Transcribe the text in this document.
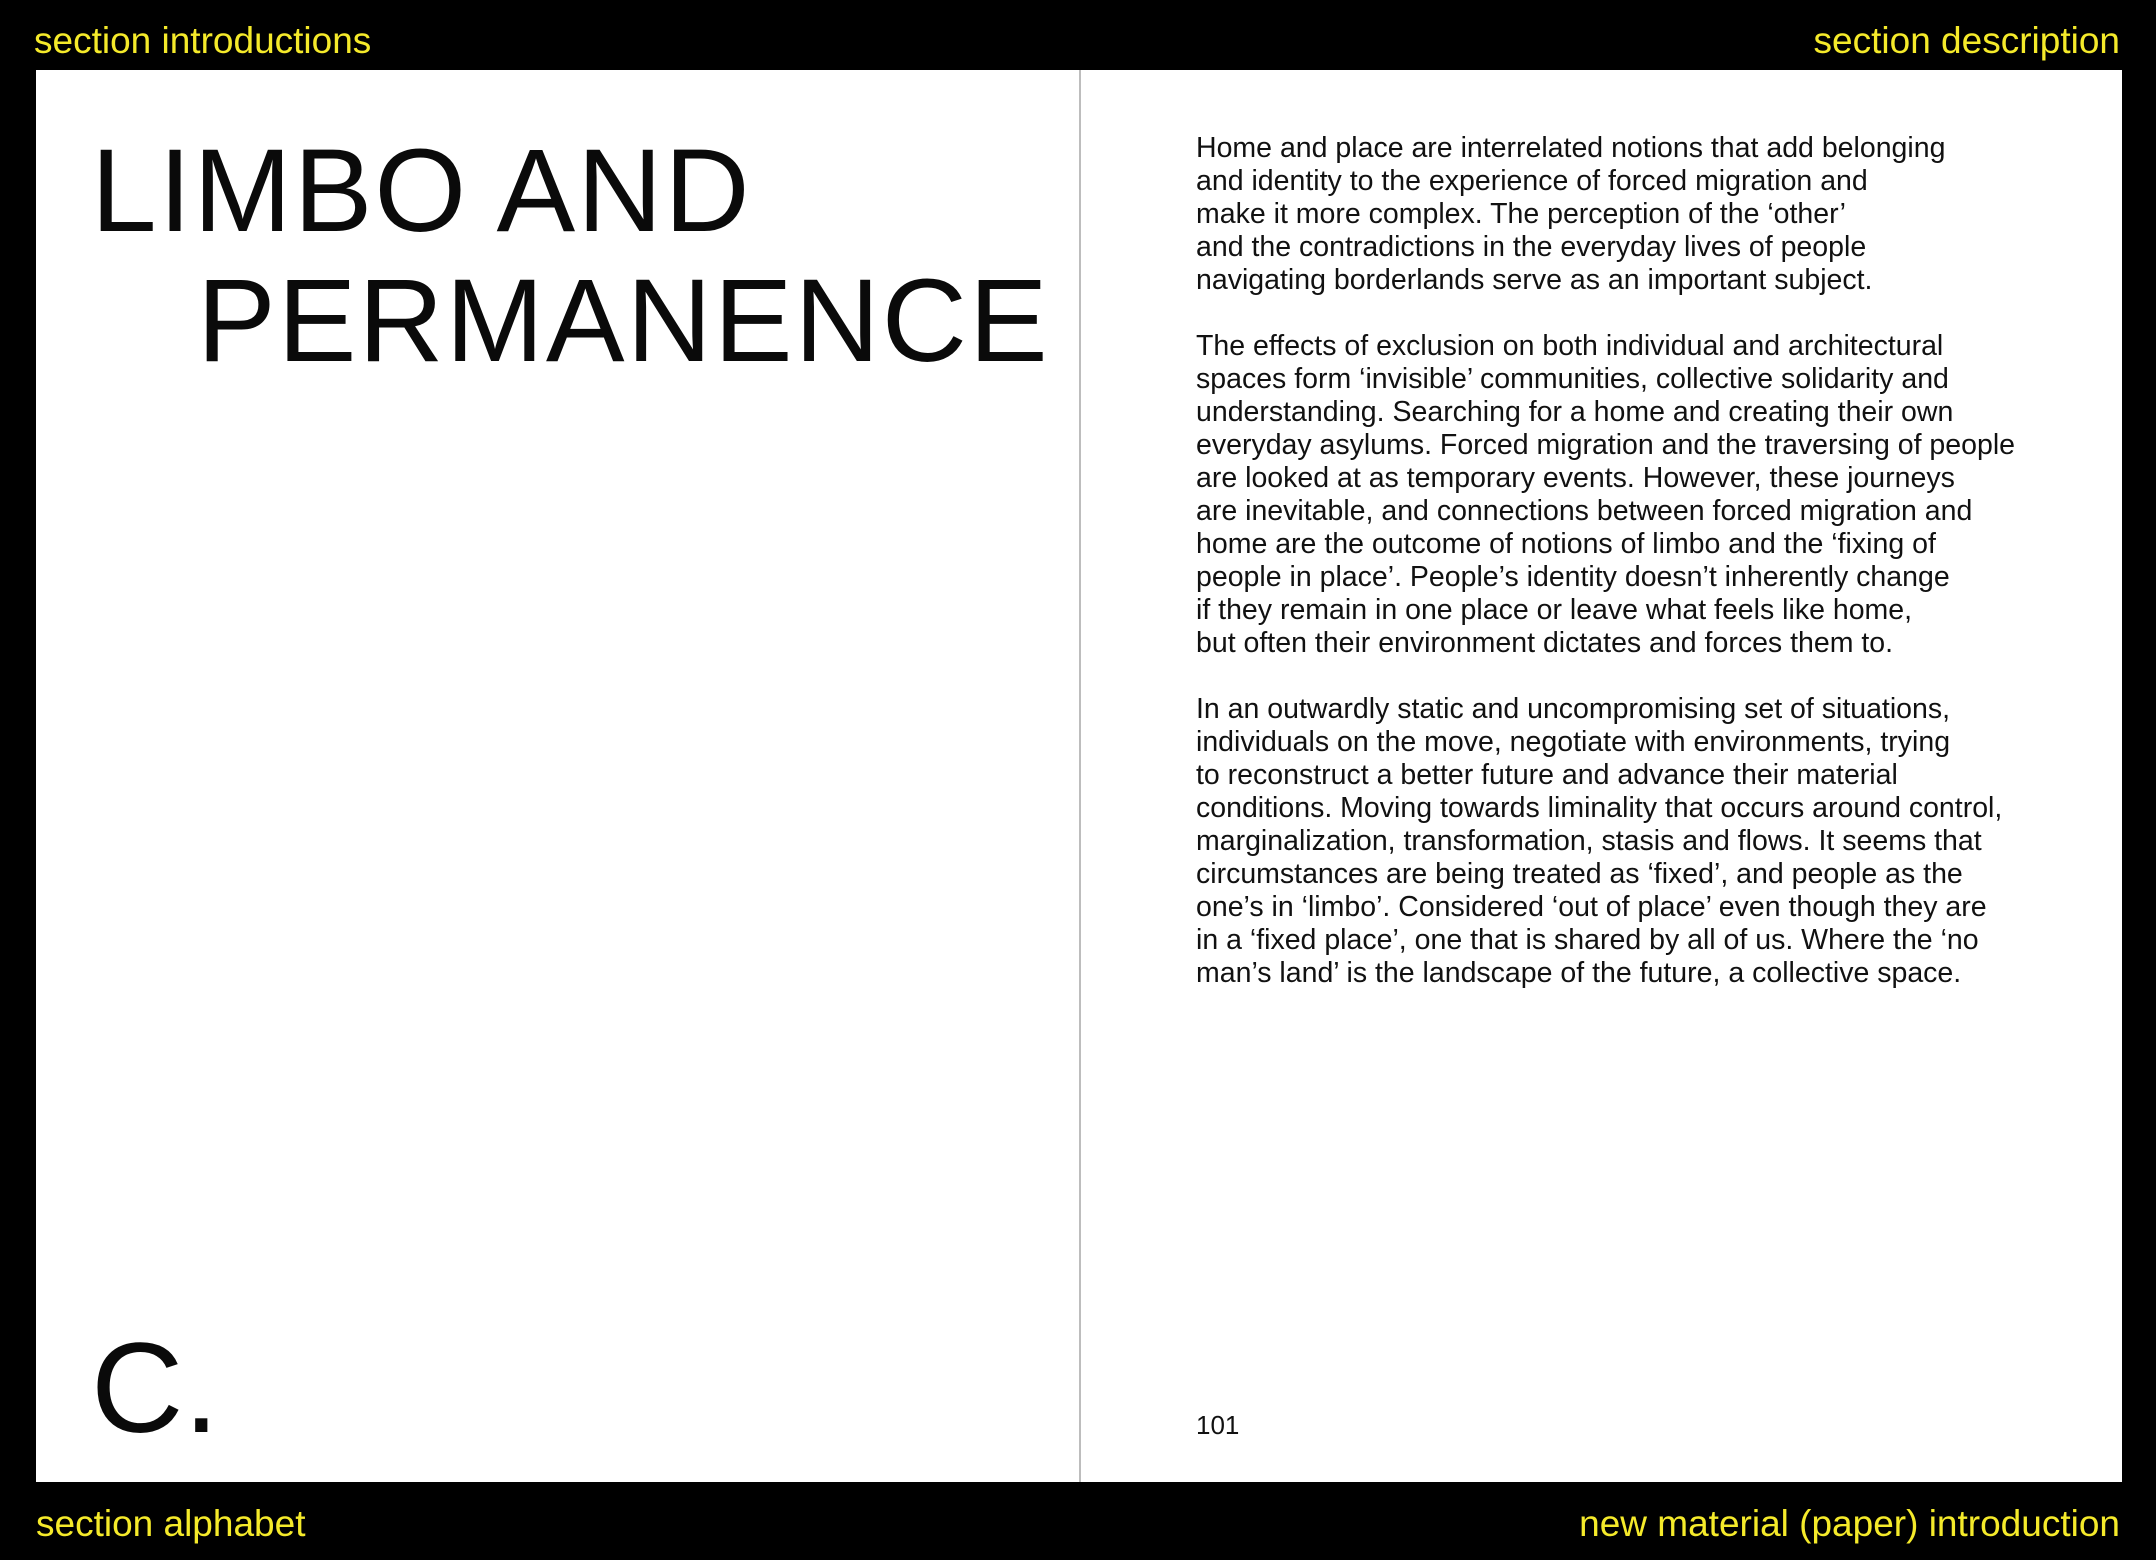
section introductions	section description
LIMBO AND
PERMANENCE
C.

Home and place are interrelated notions that add belonging
and identity to the experience of forced migration and
make it more complex. The perception of the ‘other’
and the contradictions in the everyday lives of people
navigating borderlands serve as an important subject.

The effects of exclusion on both individual and architectural
spaces form ‘invisible’ communities, collective solidarity and
understanding. Searching for a home and creating their own
everyday asylums. Forced migration and the traversing of people
are looked at as temporary events. However, these journeys
are inevitable, and connections between forced migration and
home are the outcome of notions of limbo and the ‘fixing of
people in place’. People’s identity doesn’t inherently change
if they remain in one place or leave what feels like home,
but often their environment dictates and forces them to.

In an outwardly static and uncompromising set of situations,
individuals on the move, negotiate with environments, trying
to reconstruct a better future and advance their material
conditions. Moving towards liminality that occurs around control,
marginalization, transformation, stasis and flows. It seems that
circumstances are being treated as ‘fixed’, and people as the
one’s in ‘limbo’. Considered ‘out of place’ even though they are
in a ‘fixed place’, one that is shared by all of us. Where the ‘no
man’s land’ is the landscape of the future, a collective space.

101
section alphabet	new material (paper) introduction
